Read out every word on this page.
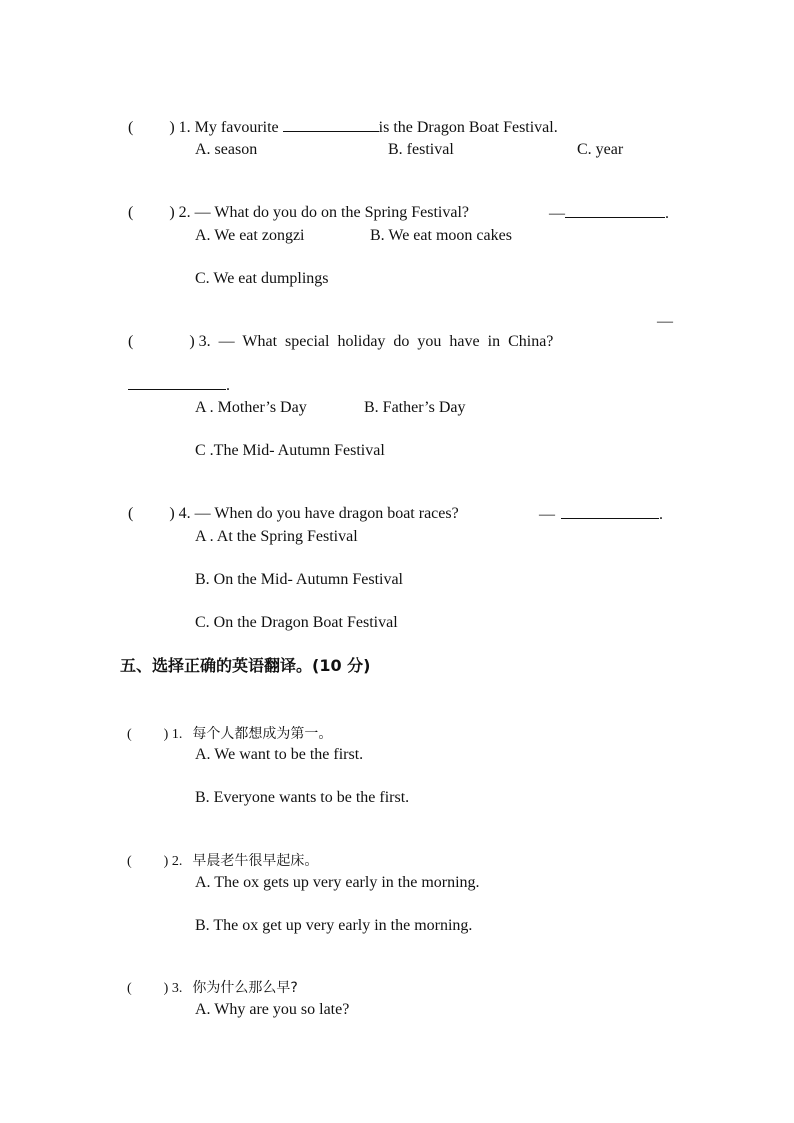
( ) 1. My favourite	is the Dragon Boat Festival.

A. season	B. festival	C. year

( ) 2. — What do you do on the Spring Festival?	—	.

A. We eat zongzi	B. We eat moon cakes
C. We eat dumplings

(	) 3.  —  What  special  holiday  do  you  have  in  China?

—

.

A . Mother’s Day	B. Father’s Day
C .The Mid- Autumn Festival

( ) 4. — When do you have dragon boat races?	—	.

A . At the Spring Festival
B. On the Mid- Autumn Festival
C. On the Dragon Boat Festival
五、选择正确的英语翻译。(10 分)

( ) 1. 每个人都想成为第一。

A. We want to be the first.
B. Everyone wants to be the first.

( ) 2. 早晨老牛很早起床。

A. The ox gets up very early in the morning.
B. The ox get up very early in the morning.

( ) 3. 你为什么那么早?

A. Why are you so late?
